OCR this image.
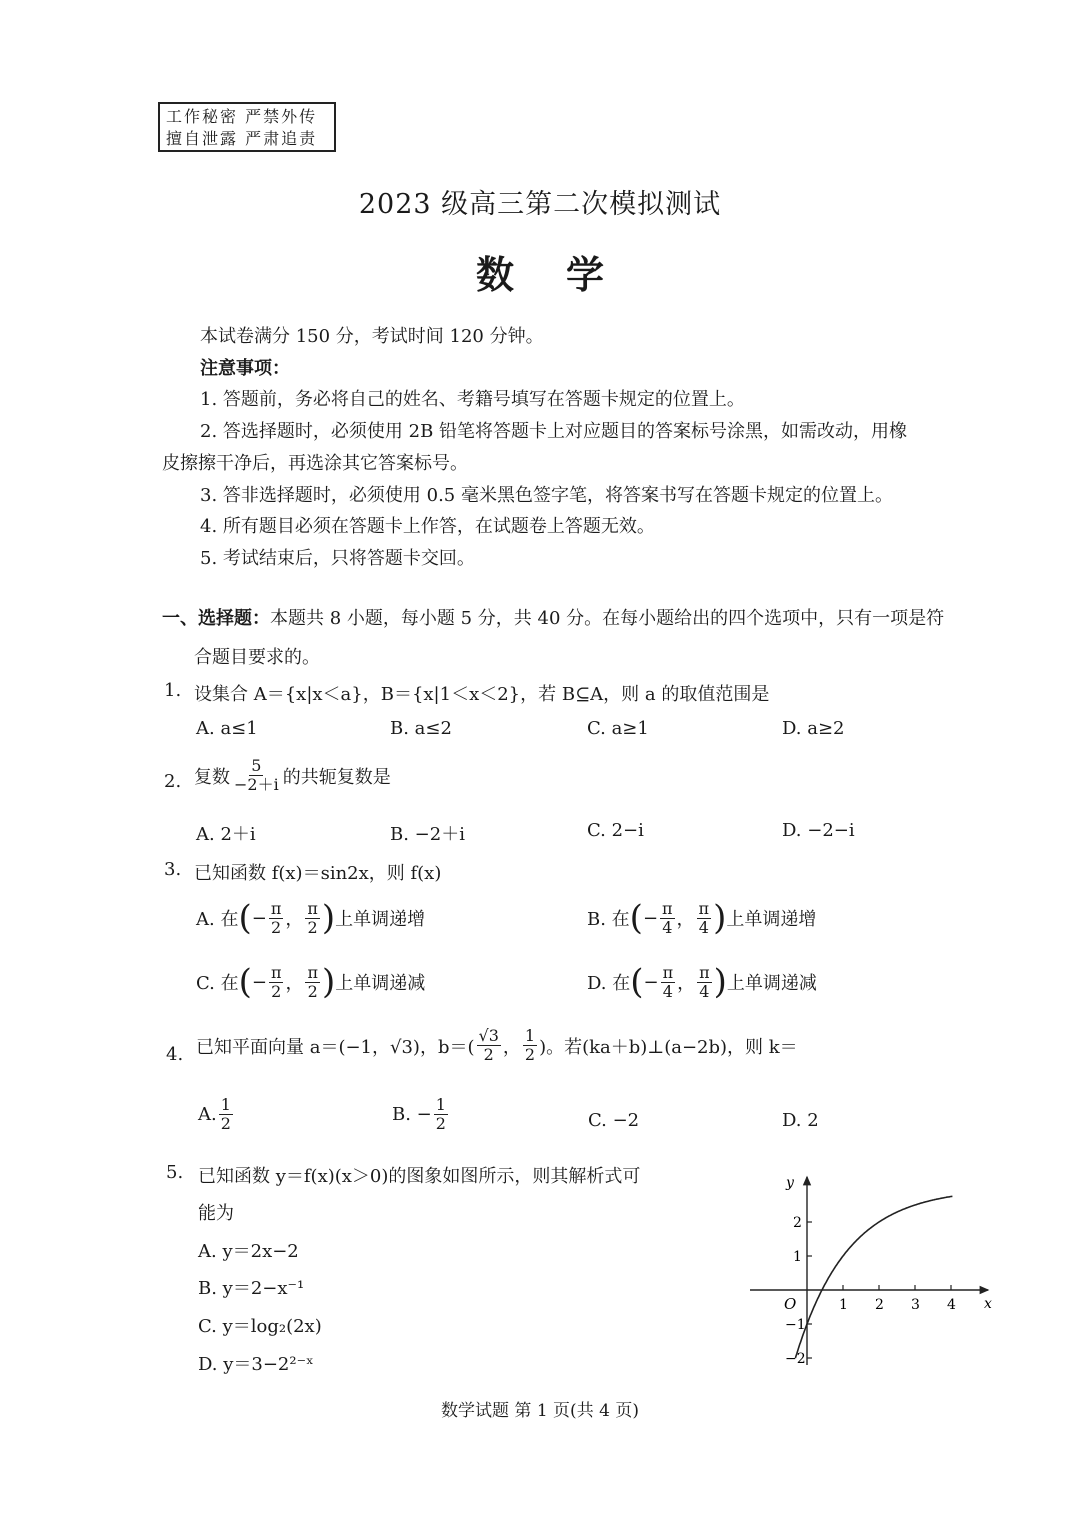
工作秘密 严禁外传
擅自泄露 严肃追责
2023 级高三第二次模拟测试
数 学
本试卷满分 150 分，考试时间 120 分钟。
注意事项：
1. 答题前，务必将自己的姓名、考籍号填写在答题卡规定的位置上。
2. 答选择题时，必须使用 2B 铅笔将答题卡上对应题目的答案标号涂黑，如需改动，用橡
皮擦擦干净后，再选涂其它答案标号。
3. 答非选择题时，必须使用 0.5 毫米黑色签字笔，将答案书写在答题卡规定的位置上。
4. 所有题目必须在答题卡上作答，在试题卷上答题无效。
5. 考试结束后，只将答题卡交回。
一、选择题：本题共 8 小题，每小题 5 分，共 40 分。在每小题给出的四个选项中，只有一项是符
合题目要求的。
1. 设集合 A＝{x|x＜a}，B＝{x|1＜x＜2}，若 B⊆A，则 a 的取值范围是
A. a≤1	B. a≤2	C. a≥1	D. a≥2
2. 复数 $\frac{5}{-2+i}$ 的共轭复数是
A. 2＋i	B. −2＋i	C. 2−i	D. −2−i
3. 已知函数 f(x)＝sin2x，则 f(x)
A. 在 ( − $\frac{\pi}{2}$ ， $\frac{\pi}{2}$ ) 上单调递增	B. 在 ( − $\frac{\pi}{4}$ ， $\frac{\pi}{4}$ ) 上单调递增
C. 在 ( − $\frac{\pi}{2}$ ， $\frac{\pi}{2}$ ) 上单调递减	D. 在 ( − $\frac{\pi}{4}$ ， $\frac{\pi}{4}$ ) 上单调递减
4. 已知平面向量 a＝(−1，√3)，$b=( \frac{√3}{2}$ ， $\frac{1}{2}$ )。若(ka＋b)⊥(a−2b)，则 k＝
A. $\frac{1}{2}$	B. − $\frac{1}{2}$	C. −2	D. 2
5. 已知函数 y＝f(x)(x＞0)的图象如图所示，则其解析式可
能为
A. y＝2x−2
B. y＝2−x⁻¹
C. y＝log₂(2x)
D. y＝3−2²⁻ˣ
1 2 3 4
2
1
−1
−2
x
y
O
数学试题 第 1 页(共 4 页)
